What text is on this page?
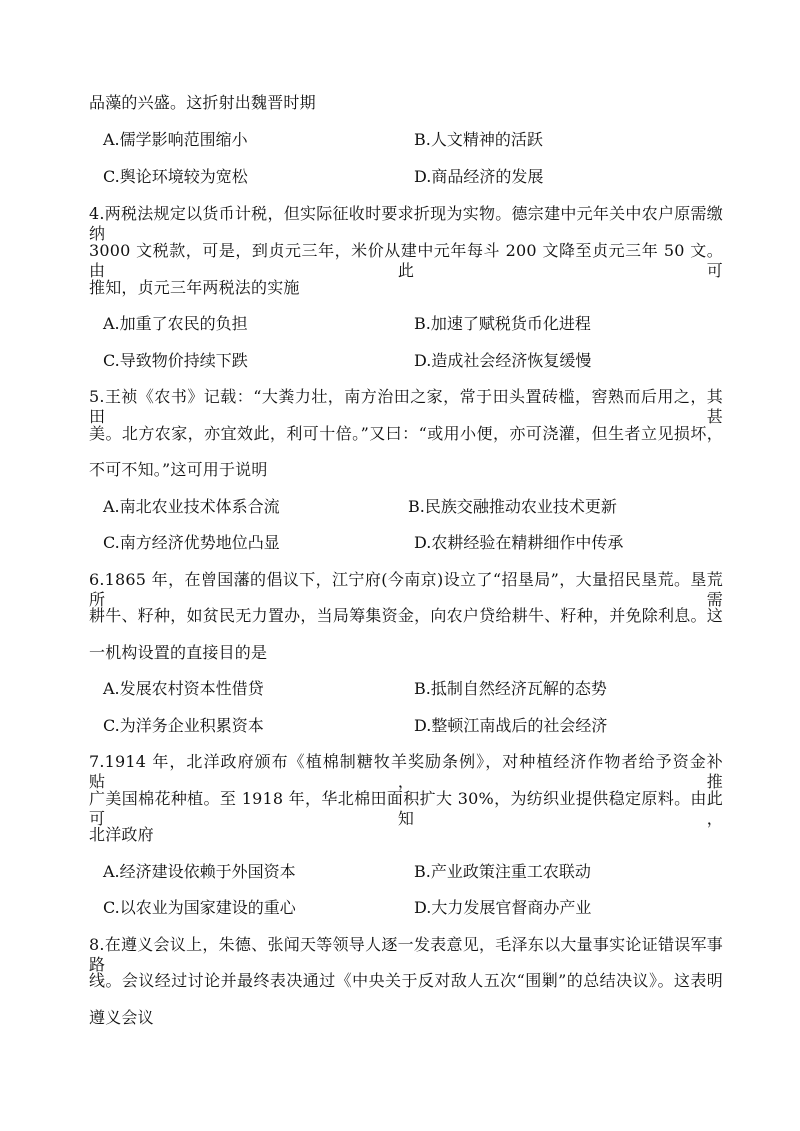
品藻的兴盛。这折射出魏晋时期
A.儒学影响范围缩小	B.人文精神的活跃
C.舆论环境较为宽松	D.商品经济的发展
4.两税法规定以货币计税，但实际征收时要求折现为实物。德宗建中元年关中农户原需缴纳
3000 文税款，可是，到贞元三年，米价从建中元年每斗 200 文降至贞元三年 50 文。由此可
推知，贞元三年两税法的实施
A.加重了农民的负担	B.加速了赋税货币化进程
C.导致物价持续下跌	D.造成社会经济恢复缓慢
5.王祯《农书》记载：“大粪力壮，南方治田之家，常于田头置砖槛，窖熟而后用之，其田甚
美。北方农家，亦宜效此，利可十倍。”又曰：“或用小便，亦可浇灌，但生者立见损坏，
不可不知。”这可用于说明
A.南北农业技术体系合流	B.民族交融推动农业技术更新
C.南方经济优势地位凸显	D.农耕经验在精耕细作中传承
6.1865 年，在曾国藩的倡议下，江宁府(今南京)设立了“招垦局”，大量招民垦荒。垦荒所需
耕牛、籽种，如贫民无力置办，当局筹集资金，向农户贷给耕牛、籽种，并免除利息。这
一机构设置的直接目的是
A.发展农村资本性借贷	B.抵制自然经济瓦解的态势
C.为洋务企业积累资本	D.整顿江南战后的社会经济
7.1914 年，北洋政府颁布《植棉制糖牧羊奖励条例》，对种植经济作物者给予资金补贴，推
广美国棉花种植。至 1918 年，华北棉田面积扩大 30%，为纺织业提供稳定原料。由此可知，
北洋政府
A.经济建设依赖于外国资本	B.产业政策注重工农联动
C.以农业为国家建设的重心	D.大力发展官督商办产业
8.在遵义会议上，朱德、张闻天等领导人逐一发表意见，毛泽东以大量事实论证错误军事路
线。会议经过讨论并最终表决通过《中央关于反对敌人五次“围剿”的总结决议》。这表明
遵义会议
